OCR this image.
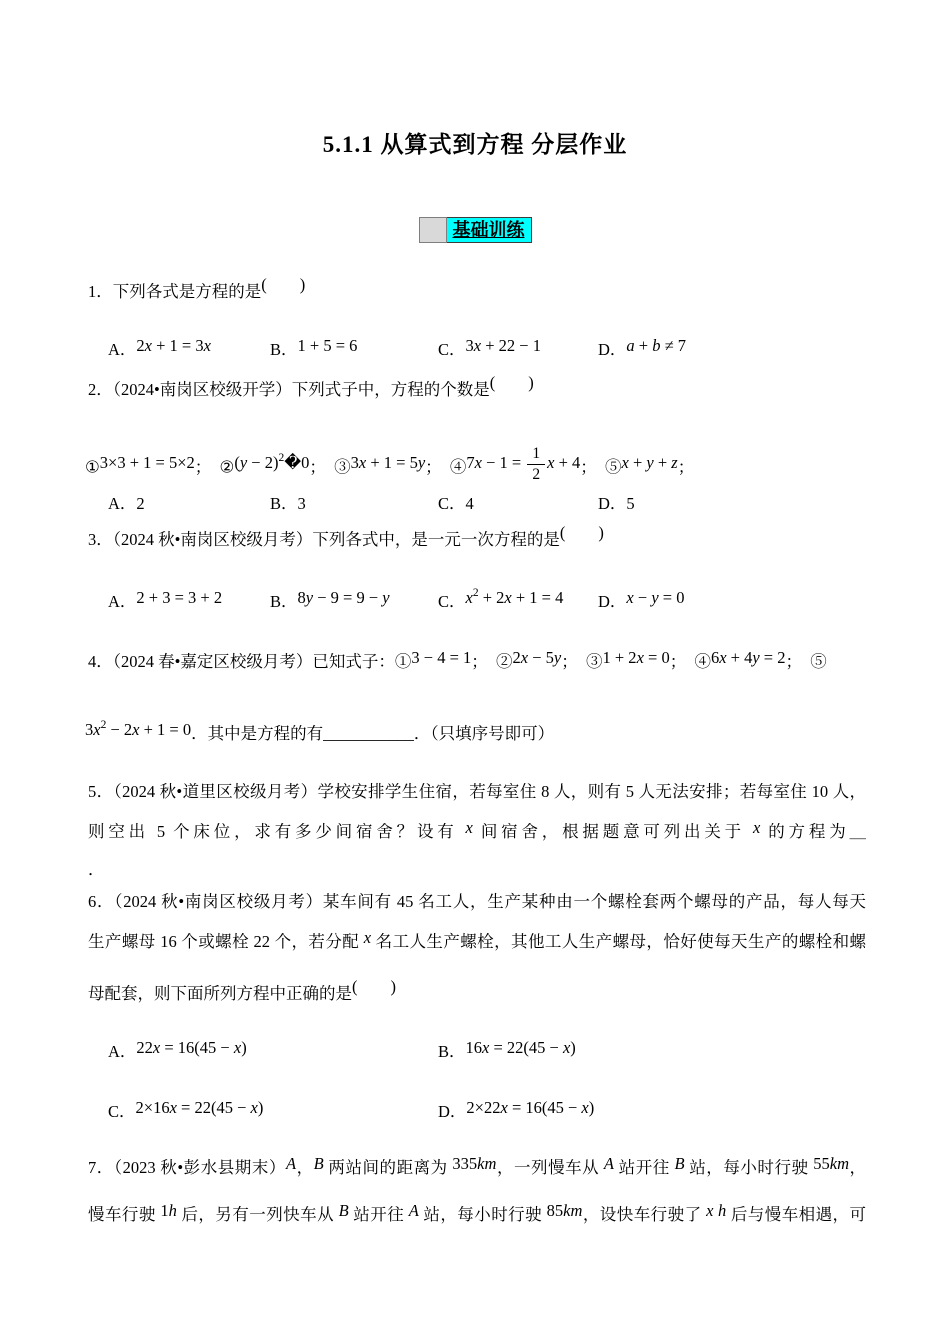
5.1.1 从算式到方程 分层作业
基础训练
1．下列各式是方程的是(        )
A．2x + 1 = 3x	B．1 + 5 = 6	C．3x + 22 − 1	D．a + b ≠ 7
2．（2024•南岗区校级开学）下列式子中，方程的个数是(        )
①3×3 + 1 = 5×2；  ②(y − 2)$^2$�0；  ③3x + 1 = 5y；  ④7x − $1 = \frac{1}{2}$ x + 4；  ⑤x + y + z；
A．2	B．3	C．4	D．5
3．（2024 秋•南岗区校级月考）下列各式中，是一元一次方程的是(        )
A．2 + 3 = 3 + 2	B．8y − 9 = 9 − y	C．$x^2 + 2x + 1 = 4$	D．x − y = 0
4．（2024 春•嘉定区校级月考）已知式子：①3 − 4 = 1；  ②2x − 5y；  ③1 + 2x = 0；  ④6x + 4y = 2；  ⑤
$3x^2 - 2x + 1 = 0$．其中是方程的有___________．（只填序号即可）
5．（2024 秋•道里区校级月考）学校安排学生住宿，若每室住 8 人，则有 5 人无法安排；若每室住 10 人，
则空出 5 个床位，求有多少间宿舍？设有 x 间宿舍，根据题意可列出关于 x 的方程为＿
．
6．（2024 秋•南岗区校级月考）某车间有 45 名工人，生产某种由一个螺栓套两个螺母的产品，每人每天
生产螺母 16 个或螺栓 22 个，若分配 x 名工人生产螺栓，其他工人生产螺母，恰好使每天生产的螺栓和螺
母配套，则下面所列方程中正确的是(        )
A．22x = 16(45 − x)	B．16x = 22(45 − x)
C．2×16x = 22(45 − x)	D．2×22x = 16(45 − x)
7．（2023 秋•彭水县期末）A，B 两站间的距离为 335km，一列慢车从 A 站开往 B 站，每小时行驶 55km，
慢车行驶 1h 后，另有一列快车从 B 站开往 A 站，每小时行驶 85km，设快车行驶了 x h 后与慢车相遇，可
